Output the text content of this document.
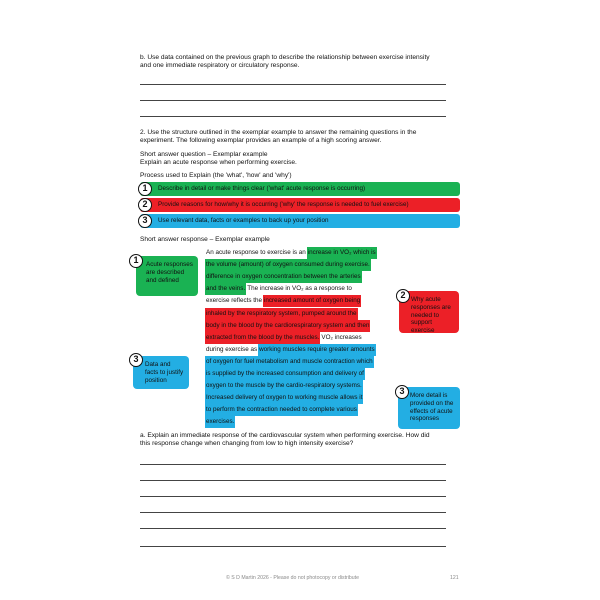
b. Use data contained on the previous graph to describe the relationship between exercise intensity
and one immediate respiratory or circulatory response.
2. Use the structure outlined in the exemplar example to answer the remaining questions in the
experiment. The following exemplar provides an example of a high scoring answer.
Short answer question – Exemplar example
Explain an acute response when performing exercise.
Process used to Explain (the 'what', 'how' and 'why')
Describe in detail or make things clear ('what' acute response is occurring)
1
Provide reasons for how/why it is occurring ('why' the response is needed to fuel exercise)
2
Use relevant data, facts or examples to back up your position
3
Short answer response – Exemplar example
An acute response to exercise is anincrease in VO₂ which is
the volume (amount) of oxygen consumed during exercise.
difference in oxygen concentration between the arteries
and the veins.The increase in VO₂ as a response to
exercise reflects theincreased amount of oxygen being
inhaled by the respiratory system, pumped around the
body in the blood by the cardiorespiratory system and then
extracted from the blood by the muscles.VO₂ increases
during exercise asworking muscles require greater amounts
of oxygen for fuel metabolism and muscle contraction which
is supplied by the increased consumption and delivery of
oxygen to the muscle by the cardio-respiratory systems.
Increased delivery of oxygen to working muscle allows it
to perform the contraction needed to complete various
exercises.
Acute responses are described and defined
1
Why acute responses are needed to support exercise
2
Data and facts to justify position
3
More detail is provided on the effects of acute responses
3
a. Explain an immediate response of the cardiovascular system when performing exercise. How did
this response change when changing from low to high intensity exercise?
© S D Martin 2026 - Please do not photocopy or distribute	121
